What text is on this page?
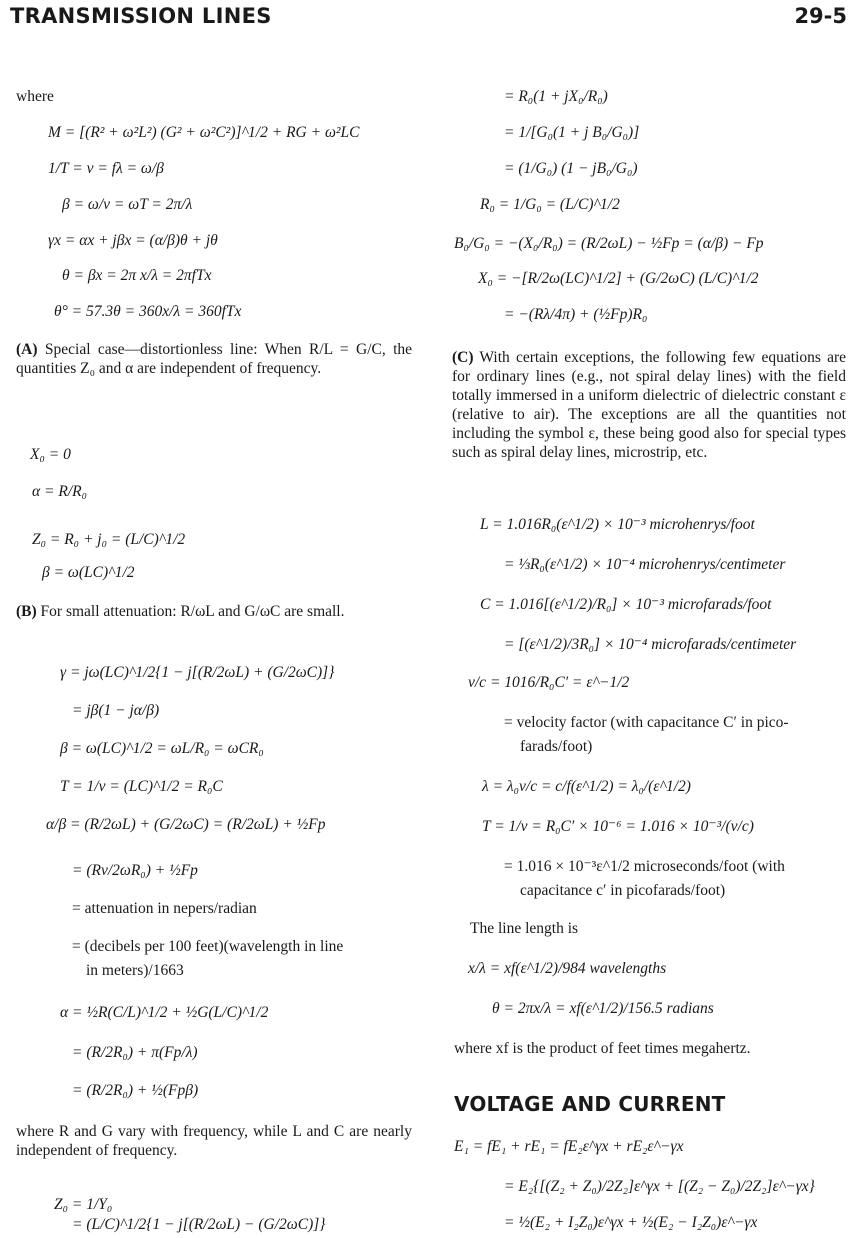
TRANSMISSION LINES	29-5
where
M = [(R² + ω²L²) (G² + ω²C²)]^1/2 + RG + ω²LC
1/T = v = fλ = ω/β
β = ω/v = ωT = 2π/λ
γx = αx + jβx = (α/β)θ + jθ
θ = βx = 2π x/λ = 2πfTx
θ° = 57.3θ = 360x/λ = 360fTx
(A) Special case—distortionless line: When R/L = G/C, the quantities Z₀ and α are independent of frequency.
X₀ = 0
α = R/R₀
Z₀ = R₀ + j₀ = (L/C)^1/2
β = ω(LC)^1/2
(B) For small attenuation: R/ωL and G/ωC are small.
γ = jω(LC)^1/2{1 − j[(R/2ωL) + (G/2ωC)]}
= jβ(1 − jα/β)
β = ω(LC)^1/2 = ωL/R₀ = ωCR₀
T = 1/v = (LC)^1/2 = R₀C
α/β = (R/2ωL) + (G/2ωC) = (R/2ωL) + ½Fp
= (Rv/2ωR₀) + ½Fp
= attenuation in nepers/radian
= (decibels per 100 feet)(wavelength in line
in meters)/1663
α = ½R(C/L)^1/2 + ½G(L/C)^1/2
= (R/2R₀) + π(Fp/λ)
= (R/2R₀) + ½(Fpβ)
where R and G vary with frequency, while L and C are nearly independent of frequency.
Z₀ = 1/Y₀
= (L/C)^1/2{1 − j[(R/2ωL) − (G/2ωC)]}
= R₀(1 + jX₀/R₀)
= 1/[G₀(1 + j B₀/G₀)]
= (1/G₀) (1 − jB₀/G₀)
R₀ = 1/G₀ = (L/C)^1/2
B₀/G₀ = −(X₀/R₀) = (R/2ωL) − ½Fp = (α/β) − Fp
X₀ = −[R/2ω(LC)^1/2] + (G/2ωC) (L/C)^1/2
= −(Rλ/4π) + (½Fp)R₀
(C) With certain exceptions, the following few equations are for ordinary lines (e.g., not spiral delay lines) with the field totally immersed in a uniform dielectric of dielectric constant ε (relative to air). The exceptions are all the quantities not including the symbol ε, these being good also for special types such as spiral delay lines, microstrip, etc.
L = 1.016R₀(ε^1/2) × 10⁻³ microhenrys/foot
= ⅓R₀(ε^1/2) × 10⁻⁴ microhenrys/centimeter
C = 1.016[(ε^1/2)/R₀] × 10⁻³ microfarads/foot
= [(ε^1/2)/3R₀] × 10⁻⁴ microfarads/centimeter
v/c = 1016/R₀C′ = ε^−1/2
= velocity factor (with capacitance C′ in pico-
farads/foot)
λ = λ₀v/c = c/f(ε^1/2) = λ₀/(ε^1/2)
T = 1/v = R₀C′ × 10⁻⁶ = 1.016 × 10⁻³/(v/c)
= 1.016 × 10⁻³ε^1/2 microseconds/foot (with
capacitance c′ in picofarads/foot)
The line length is
x/λ = xf(ε^1/2)/984 wavelengths
θ = 2πx/λ = xf(ε^1/2)/156.5 radians
where xf is the product of feet times megahertz.
VOLTAGE AND CURRENT
E₁ = fE₁ + rE₁ = fE₂ε^γx + rE₂ε^−γx
= E₂{[(Z₂ + Z₀)/2Z₂]ε^γx + [(Z₂ − Z₀)/2Z₂]ε^−γx}
= ½(E₂ + I₂Z₀)ε^γx + ½(E₂ − I₂Z₀)ε^−γx
